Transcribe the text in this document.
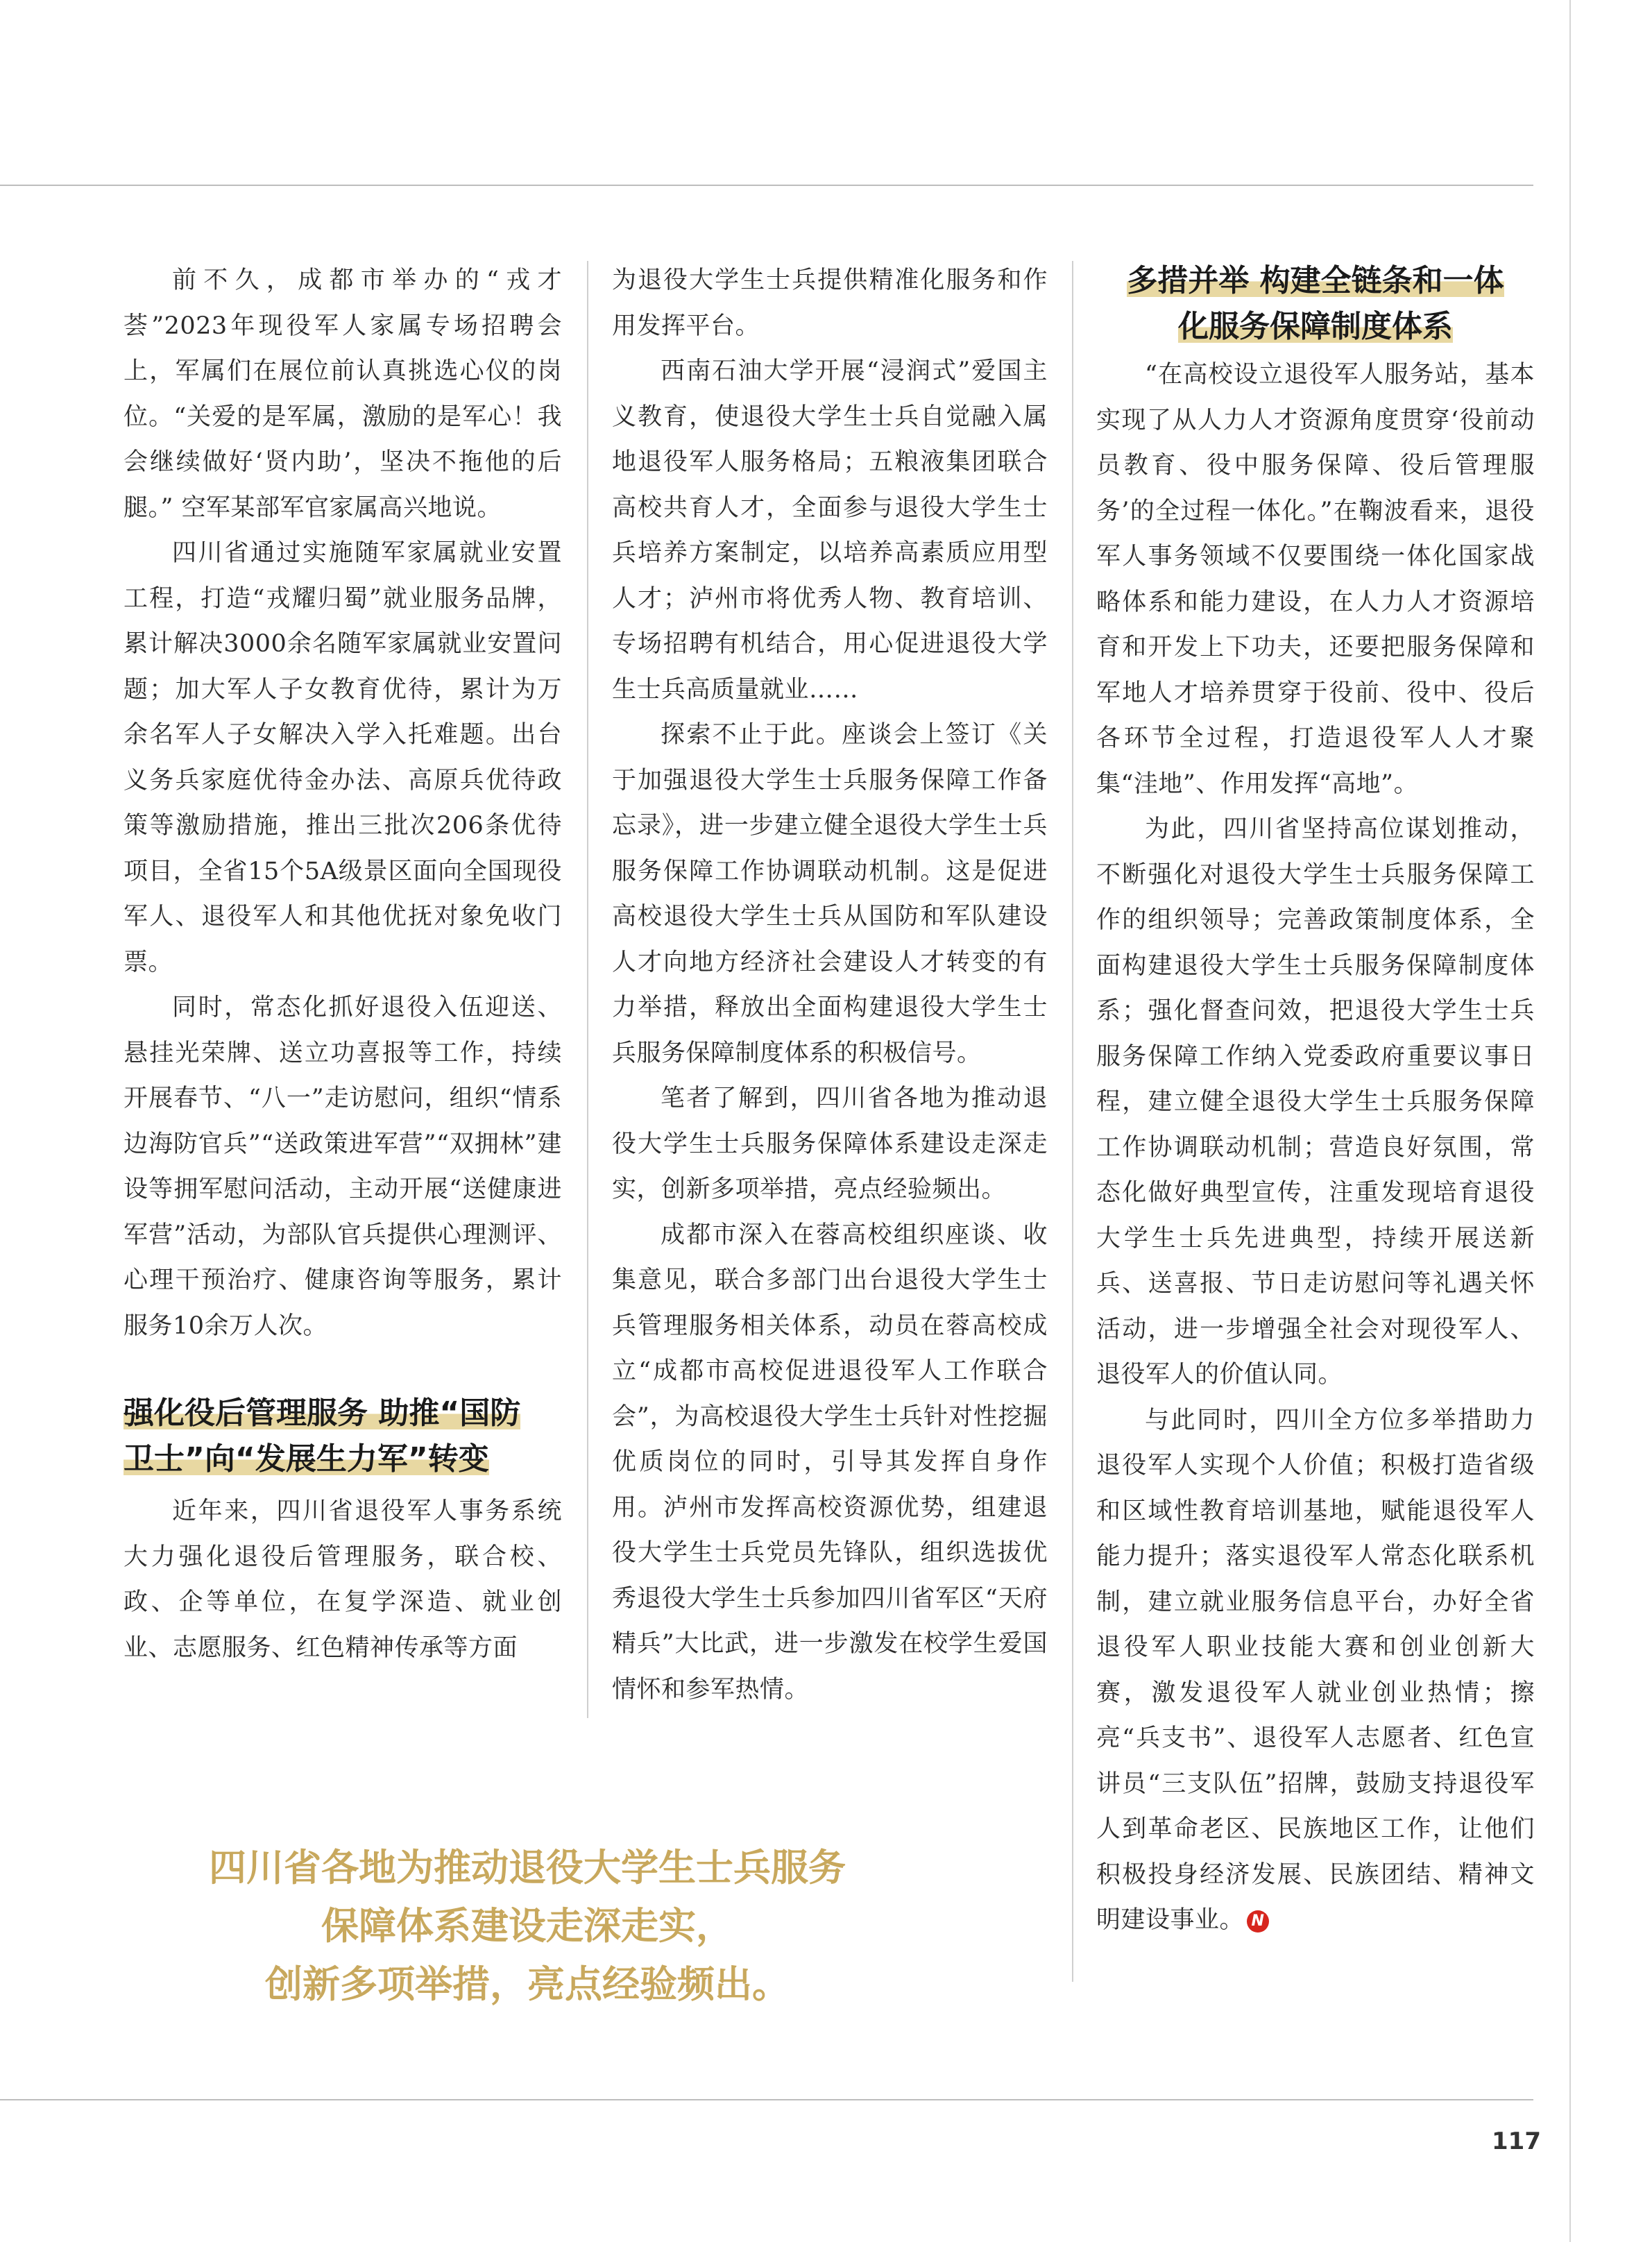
前不久，成都市举办的“戎才荟”2023年现役军人家属专场招聘会上，军属们在展位前认真挑选心仪的岗位。“关爱的是军属，激励的是军心！我会继续做好‘贤内助’，坚决不拖他的后腿。” 空军某部军官家属高兴地说。

四川省通过实施随军家属就业安置工程，打造“戎耀归蜀”就业服务品牌，累计解决3000余名随军家属就业安置问题；加大军人子女教育优待，累计为万余名军人子女解决入学入托难题。出台义务兵家庭优待金办法、高原兵优待政策等激励措施，推出三批次206条优待项目，全省15个5A级景区面向全国现役军人、退役军人和其他优抚对象免收门票。

同时，常态化抓好退役入伍迎送、悬挂光荣牌、送立功喜报等工作，持续开展春节、“八一”走访慰问，组织“情系边海防官兵”“送政策进军营”“双拥林”建设等拥军慰问活动，主动开展“送健康进军营”活动，为部队官兵提供心理测评、心理干预治疗、健康咨询等服务，累计服务10余万人次。

强化役后管理服务 助推“国防
卫士”向“发展生力军”转变

近年来，四川省退役军人事务系统大力强化退役后管理服务，联合校、政、企等单位，在复学深造、就业创业、志愿服务、红色精神传承等方面

为退役大学生士兵提供精准化服务和作用发挥平台。

西南石油大学开展“浸润式”爱国主义教育，使退役大学生士兵自觉融入属地退役军人服务格局；五粮液集团联合高校共育人才，全面参与退役大学生士兵培养方案制定，以培养高素质应用型人才；泸州市将优秀人物、教育培训、专场招聘有机结合，用心促进退役大学生士兵高质量就业……

探索不止于此。座谈会上签订《关于加强退役大学生士兵服务保障工作备忘录》，进一步建立健全退役大学生士兵服务保障工作协调联动机制。这是促进高校退役大学生士兵从国防和军队建设人才向地方经济社会建设人才转变的有力举措，释放出全面构建退役大学生士兵服务保障制度体系的积极信号。

笔者了解到，四川省各地为推动退役大学生士兵服务保障体系建设走深走实，创新多项举措，亮点经验频出。

成都市深入在蓉高校组织座谈、收集意见，联合多部门出台退役大学生士兵管理服务相关体系，动员在蓉高校成立“成都市高校促进退役军人工作联合会”，为高校退役大学生士兵针对性挖掘优质岗位的同时，引导其发挥自身作用。泸州市发挥高校资源优势，组建退役大学生士兵党员先锋队，组织选拔优秀退役大学生士兵参加四川省军区“天府精兵”大比武，进一步激发在校学生爱国情怀和参军热情。

多措并举 构建全链条和一体
化服务保障制度体系

“在高校设立退役军人服务站，基本实现了从人力人才资源角度贯穿‘役前动员教育、役中服务保障、役后管理服务’的全过程一体化。”在鞠波看来，退役军人事务领域不仅要围绕一体化国家战略体系和能力建设，在人力人才资源培育和开发上下功夫，还要把服务保障和军地人才培养贯穿于役前、役中、役后各环节全过程，打造退役军人人才聚集“洼地”、作用发挥“高地”。

为此，四川省坚持高位谋划推动，不断强化对退役大学生士兵服务保障工作的组织领导；完善政策制度体系，全面构建退役大学生士兵服务保障制度体系；强化督查问效，把退役大学生士兵服务保障工作纳入党委政府重要议事日程，建立健全退役大学生士兵服务保障工作协调联动机制；营造良好氛围，常态化做好典型宣传，注重发现培育退役大学生士兵先进典型，持续开展送新兵、送喜报、节日走访慰问等礼遇关怀活动，进一步增强全社会对现役军人、退役军人的价值认同。

与此同时，四川全方位多举措助力退役军人实现个人价值；积极打造省级和区域性教育培训基地，赋能退役军人能力提升；落实退役军人常态化联系机制，建立就业服务信息平台，办好全省退役军人职业技能大赛和创业创新大赛，激发退役军人就业创业热情；擦亮“兵支书”、退役军人志愿者、红色宣讲员“三支队伍”招牌，鼓励支持退役军人到革命老区、民族地区工作，让他们积极投身经济发展、民族团结、精神文明建设事业。 N

四川省各地为推动退役大学生士兵服务
保障体系建设走深走实，
创新多项举措，亮点经验频出。
117
